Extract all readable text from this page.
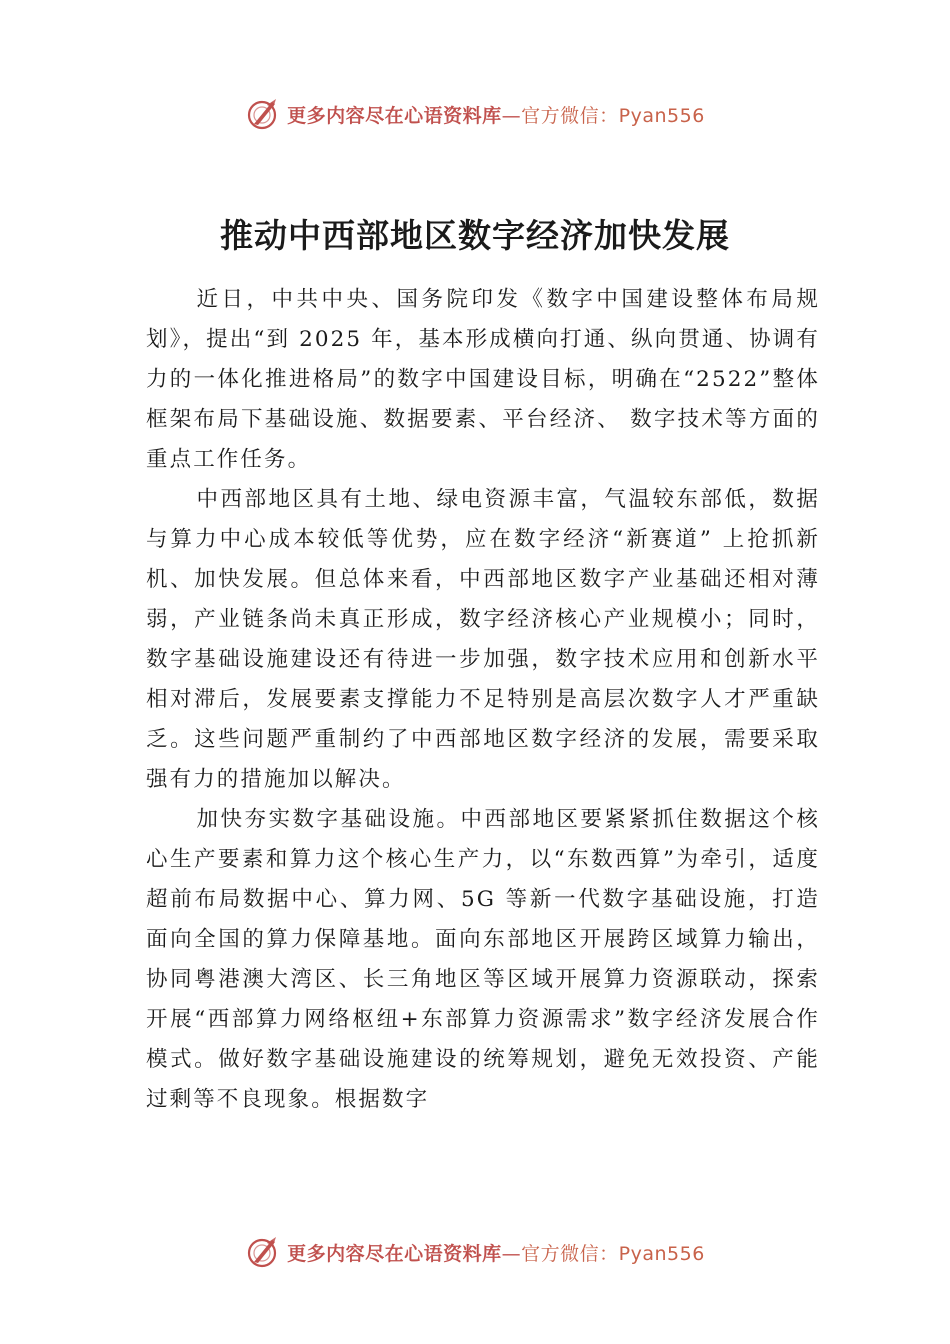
更多内容尽在心语资料库—官方微信：Pyan556
推动中西部地区数字经济加快发展

近日，中共中央、国务院印发《数字中国建设整体布局规划》，提出“到 2025 年，基本形成横向打通、纵向贯通、协调有力的一体化推进格局”的数字中国建设目标，明确在“2522”整体框架布局下基础设施、数据要素、平台经济、 数字技术等方面的重点工作任务。

中西部地区具有土地、绿电资源丰富，气温较东部低，数据与算力中心成本较低等优势，应在数字经济“新赛道” 上抢抓新机、加快发展。但总体来看，中西部地区数字产业基础还相对薄弱，产业链条尚未真正形成，数字经济核心产业规模小；同时，数字基础设施建设还有待进一步加强，数字技术应用和创新水平相对滞后，发展要素支撑能力不足特别是高层次数字人才严重缺乏。这些问题严重制约了中西部地区数字经济的发展，需要采取强有力的措施加以解决。

加快夯实数字基础设施。中西部地区要紧紧抓住数据这个核心生产要素和算力这个核心生产力，以“东数西算”为牵引，适度超前布局数据中心、算力网、5G 等新一代数字基础设施，打造面向全国的算力保障基地。面向东部地区开展跨区域算力输出，协同粤港澳大湾区、长三角地区等区域开展算力资源联动，探索开展“西部算力网络枢纽+东部算力资源需求”数字经济发展合作模式。做好数字基础设施建设的统筹规划，避免无效投资、产能过剩等不良现象。根据数字

更多内容尽在心语资料库—官方微信：Pyan556
